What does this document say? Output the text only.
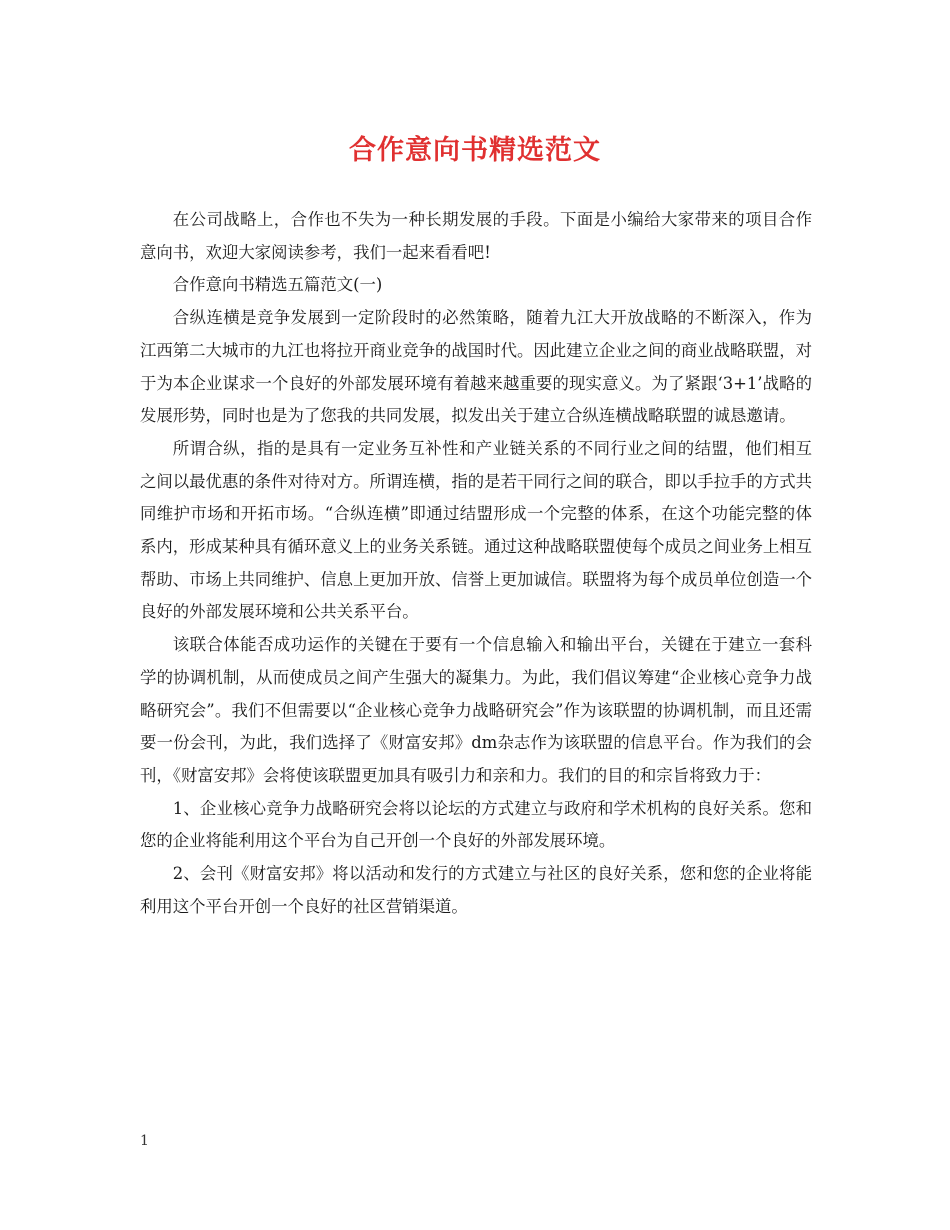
合作意向书精选范文

在公司战略上，合作也不失为一种长期发展的手段。下面是小编给大家带来的项目合作意向书，欢迎大家阅读参考，我们一起来看看吧!

合作意向书精选五篇范文(一)

合纵连横是竞争发展到一定阶段时的必然策略，随着九江大开放战略的不断深入，作为江西第二大城市的九江也将拉开商业竞争的战国时代。因此建立企业之间的商业战略联盟，对于为本企业谋求一个良好的外部发展环境有着越来越重要的现实意义。为了紧跟‘3+1’战略的发展形势，同时也是为了您我的共同发展，拟发出关于建立合纵连横战略联盟的诚恳邀请。

所谓合纵，指的是具有一定业务互补性和产业链关系的不同行业之间的结盟，他们相互之间以最优惠的条件对待对方。所谓连横，指的是若干同行之间的联合，即以手拉手的方式共同维护市场和开拓市场。“合纵连横”即通过结盟形成一个完整的体系，在这个功能完整的体系内，形成某种具有循环意义上的业务关系链。通过这种战略联盟使每个成员之间业务上相互帮助、市场上共同维护、信息上更加开放、信誉上更加诚信。联盟将为每个成员单位创造一个良好的外部发展环境和公共关系平台。

该联合体能否成功运作的关键在于要有一个信息输入和输出平台，关键在于建立一套科学的协调机制，从而使成员之间产生强大的凝集力。为此，我们倡议筹建“企业核心竞争力战略研究会”。我们不但需要以“企业核心竞争力战略研究会”作为该联盟的协调机制，而且还需要一份会刊，为此，我们选择了《财富安邦》dm杂志作为该联盟的信息平台。作为我们的会刊，《财富安邦》会将使该联盟更加具有吸引力和亲和力。我们的目的和宗旨将致力于：

1、企业核心竞争力战略研究会将以论坛的方式建立与政府和学术机构的良好关系。您和您的企业将能利用这个平台为自己开创一个良好的外部发展环境。

2、会刊《财富安邦》将以活动和发行的方式建立与社区的良好关系，您和您的企业将能利用这个平台开创一个良好的社区营销渠道。

1
